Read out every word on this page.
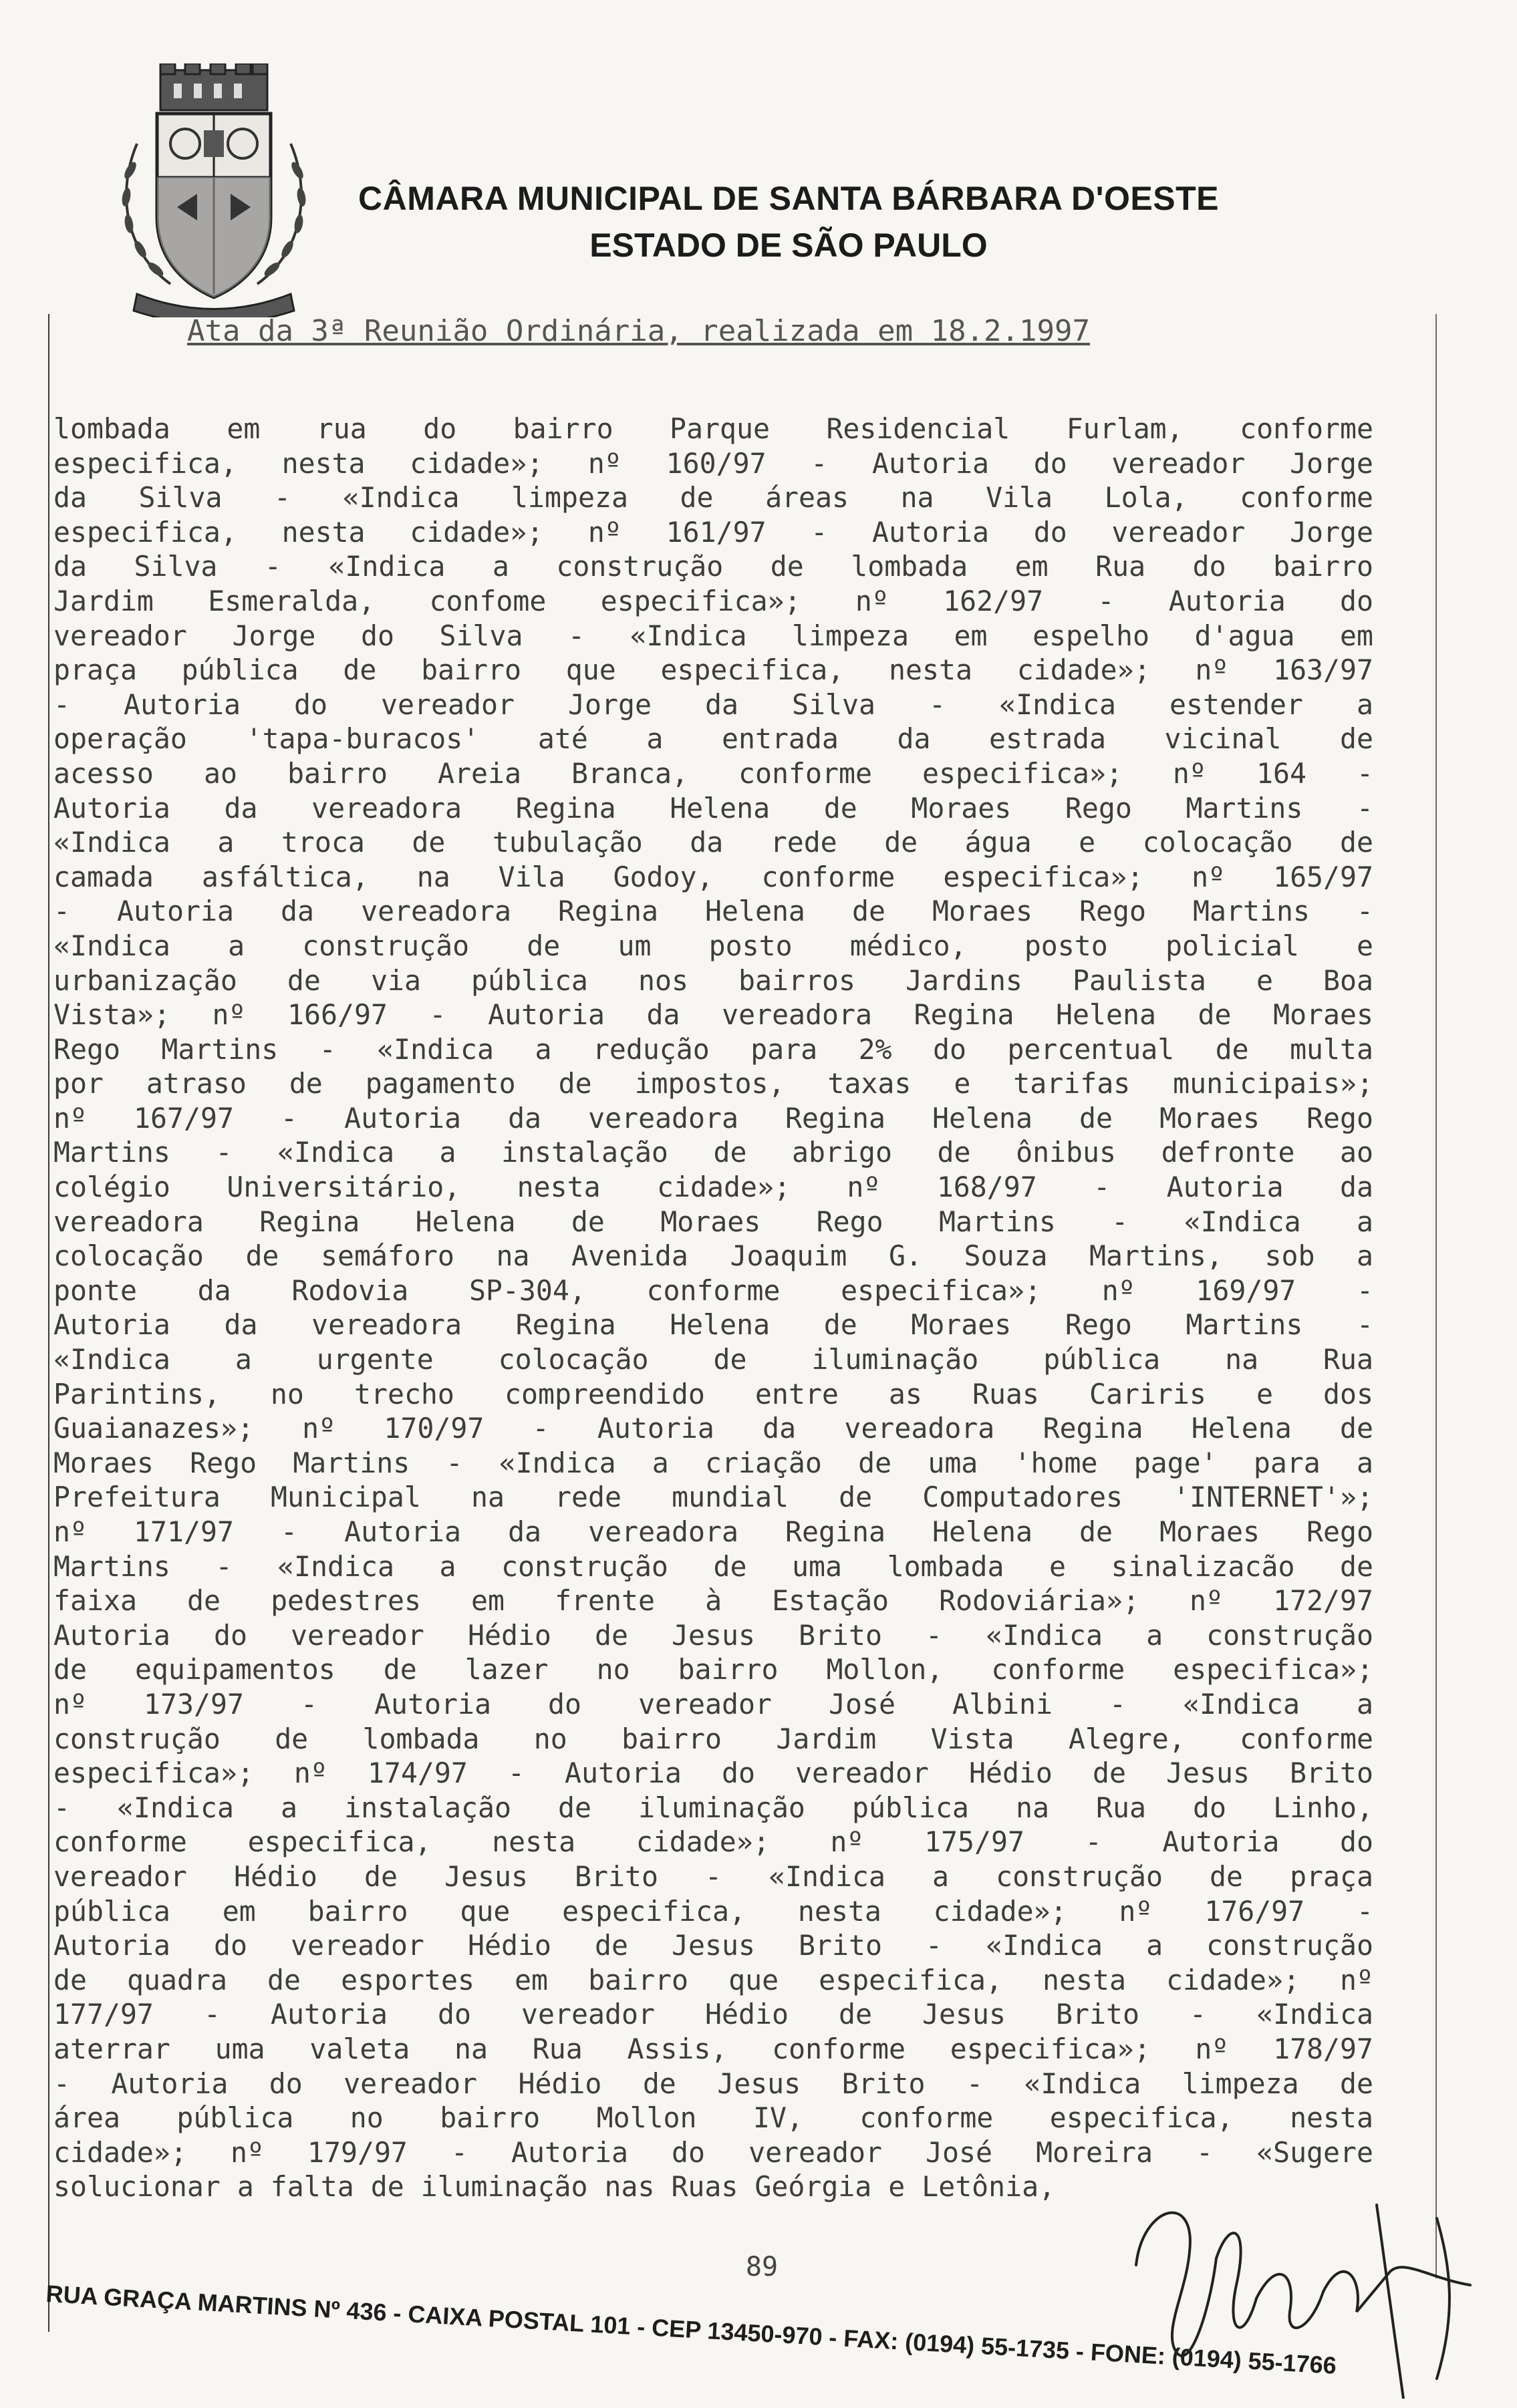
CÂMARA MUNICIPAL DE SANTA BÁRBARA D'OESTE
ESTADO DE SÃO PAULO
Ata da 3ª Reunião Ordinária, realizada em 18.2.1997
lombada em rua do bairro Parque Residencial Furlam, conforme
especifica, nesta cidade»; nº 160/97 - Autoria do vereador Jorge
da Silva - «Indica limpeza de áreas na Vila Lola, conforme
especifica, nesta cidade»; nº 161/97 - Autoria do vereador Jorge
da Silva - «Indica a construção de lombada em Rua do bairro
Jardim Esmeralda, confome especifica»; nº 162/97 - Autoria do
vereador Jorge do Silva - «Indica limpeza em espelho d'agua em
praça pública de bairro que especifica, nesta cidade»; nº 163/97
- Autoria do vereador Jorge da Silva - «Indica estender a
operação 'tapa-buracos' até a entrada da estrada vicinal de
acesso ao bairro Areia Branca, conforme especifica»; nº 164 -
Autoria da vereadora Regina Helena de Moraes Rego Martins -
«Indica a troca de tubulação da rede de água e colocação de
camada asfáltica, na Vila Godoy, conforme especifica»; nº 165/97
- Autoria da vereadora Regina Helena de Moraes Rego Martins -
«Indica a construção de um posto médico, posto policial e
urbanização de via pública nos bairros Jardins Paulista e Boa
Vista»; nº 166/97 - Autoria da vereadora Regina Helena de Moraes
Rego Martins - «Indica a redução para 2% do percentual de multa
por atraso de pagamento de impostos, taxas e tarifas municipais»;
nº 167/97 - Autoria da vereadora Regina Helena de Moraes Rego
Martins - «Indica a instalação de abrigo de ônibus defronte ao
colégio Universitário, nesta cidade»; nº 168/97 - Autoria da
vereadora Regina Helena de Moraes Rego Martins - «Indica a
colocação de semáforo na Avenida Joaquim G. Souza Martins, sob a
ponte da Rodovia SP-304, conforme especifica»; nº 169/97 -
Autoria da vereadora Regina Helena de Moraes Rego Martins -
«Indica a urgente colocação de iluminação pública na Rua
Parintins, no trecho compreendido entre as Ruas Cariris e dos
Guaianazes»; nº 170/97 - Autoria da vereadora Regina Helena de
Moraes Rego Martins - «Indica a criação de uma 'home page' para a
Prefeitura Municipal na rede mundial de Computadores 'INTERNET'»;
nº 171/97 - Autoria da vereadora Regina Helena de Moraes Rego
Martins - «Indica a construção de uma lombada e sinalizacão de
faixa de pedestres em frente à Estação Rodoviária»; nº 172/97
Autoria do vereador Hédio de Jesus Brito - «Indica a construção
de equipamentos de lazer no bairro Mollon, conforme especifica»;
nº 173/97 - Autoria do vereador José Albini - «Indica a
construção de lombada no bairro Jardim Vista Alegre, conforme
especifica»; nº 174/97 - Autoria do vereador Hédio de Jesus Brito
- «Indica a instalação de iluminação pública na Rua do Linho,
conforme especifica, nesta cidade»; nº 175/97 - Autoria do
vereador Hédio de Jesus Brito - «Indica a construção de praça
pública em bairro que especifica, nesta cidade»; nº 176/97 -
Autoria do vereador Hédio de Jesus Brito - «Indica a construção
de quadra de esportes em bairro que especifica, nesta cidade»; nº
177/97 - Autoria do vereador Hédio de Jesus Brito - «Indica
aterrar uma valeta na Rua Assis, conforme especifica»; nº 178/97
- Autoria do vereador Hédio de Jesus Brito - «Indica limpeza de
área pública no bairro Mollon IV, conforme especifica, nesta
cidade»; nº 179/97 - Autoria do vereador José Moreira - «Sugere
solucionar a falta de iluminação nas Ruas Geórgia e Letônia,
89
RUA GRAÇA MARTINS Nº 436 - CAIXA POSTAL 101 - CEP 13450-970 - FAX: (0194) 55-1735 - FONE: (0194) 55-1766
